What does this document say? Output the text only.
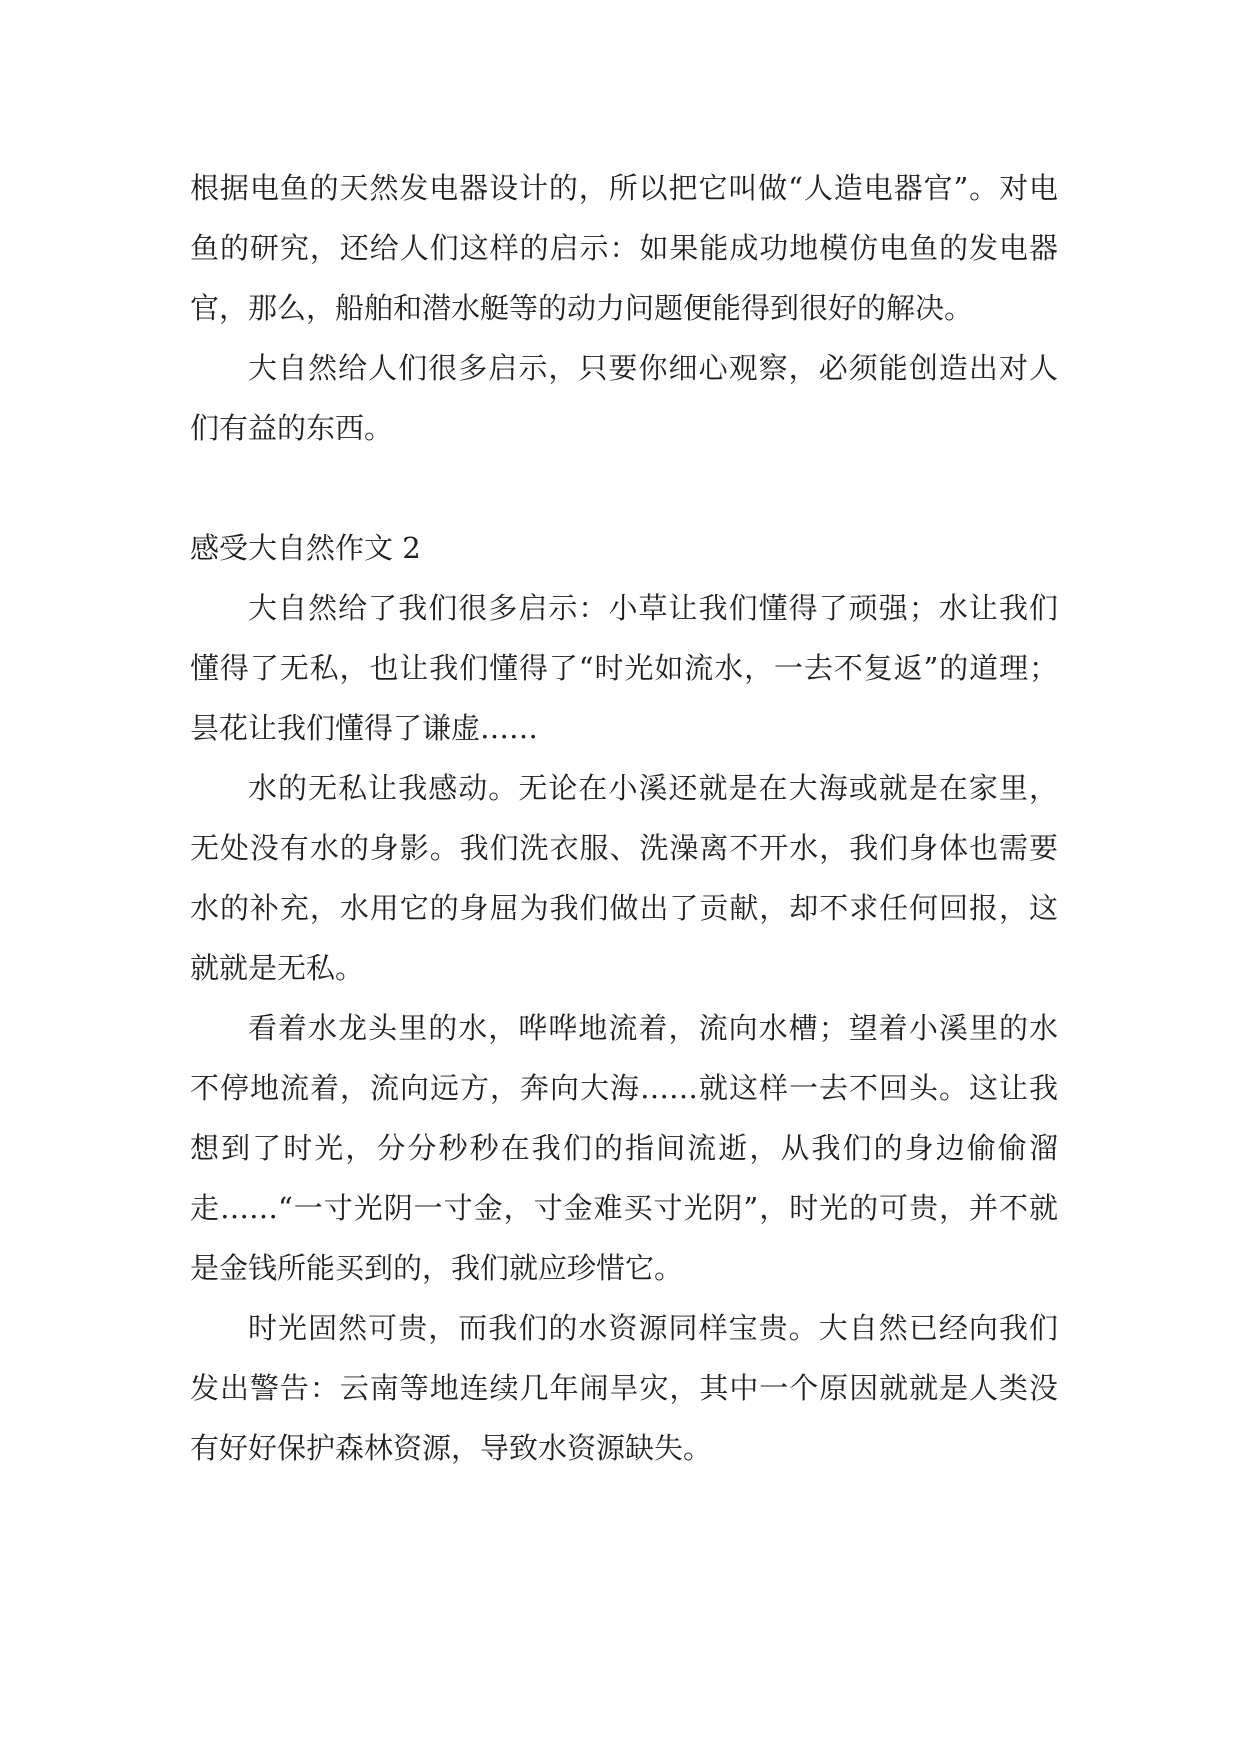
根据电鱼的天然发电器设计的，所以把它叫做“人造电器官”。对电鱼的研究，还给人们这样的启示：如果能成功地模仿电鱼的发电器官，那么，船舶和潜水艇等的动力问题便能得到很好的解决。

大自然给人们很多启示，只要你细心观察，必须能创造出对人们有益的东西。

感受大自然作文 2

大自然给了我们很多启示：小草让我们懂得了顽强；水让我们懂得了无私，也让我们懂得了“时光如流水，一去不复返”的道理；昙花让我们懂得了谦虚……

水的无私让我感动。无论在小溪还就是在大海或就是在家里，无处没有水的身影。我们洗衣服、洗澡离不开水，我们身体也需要水的补充，水用它的身屈为我们做出了贡献，却不求任何回报，这就就是无私。

看着水龙头里的水，哗哗地流着，流向水槽；望着小溪里的水不停地流着，流向远方，奔向大海……就这样一去不回头。这让我想到了时光，分分秒秒在我们的指间流逝，从我们的身边偷偷溜走……“一寸光阴一寸金，寸金难买寸光阴”，时光的可贵，并不就是金钱所能买到的，我们就应珍惜它。

时光固然可贵，而我们的水资源同样宝贵。大自然已经向我们发出警告：云南等地连续几年闹旱灾，其中一个原因就就是人类没有好好保护森林资源，导致水资源缺失。
